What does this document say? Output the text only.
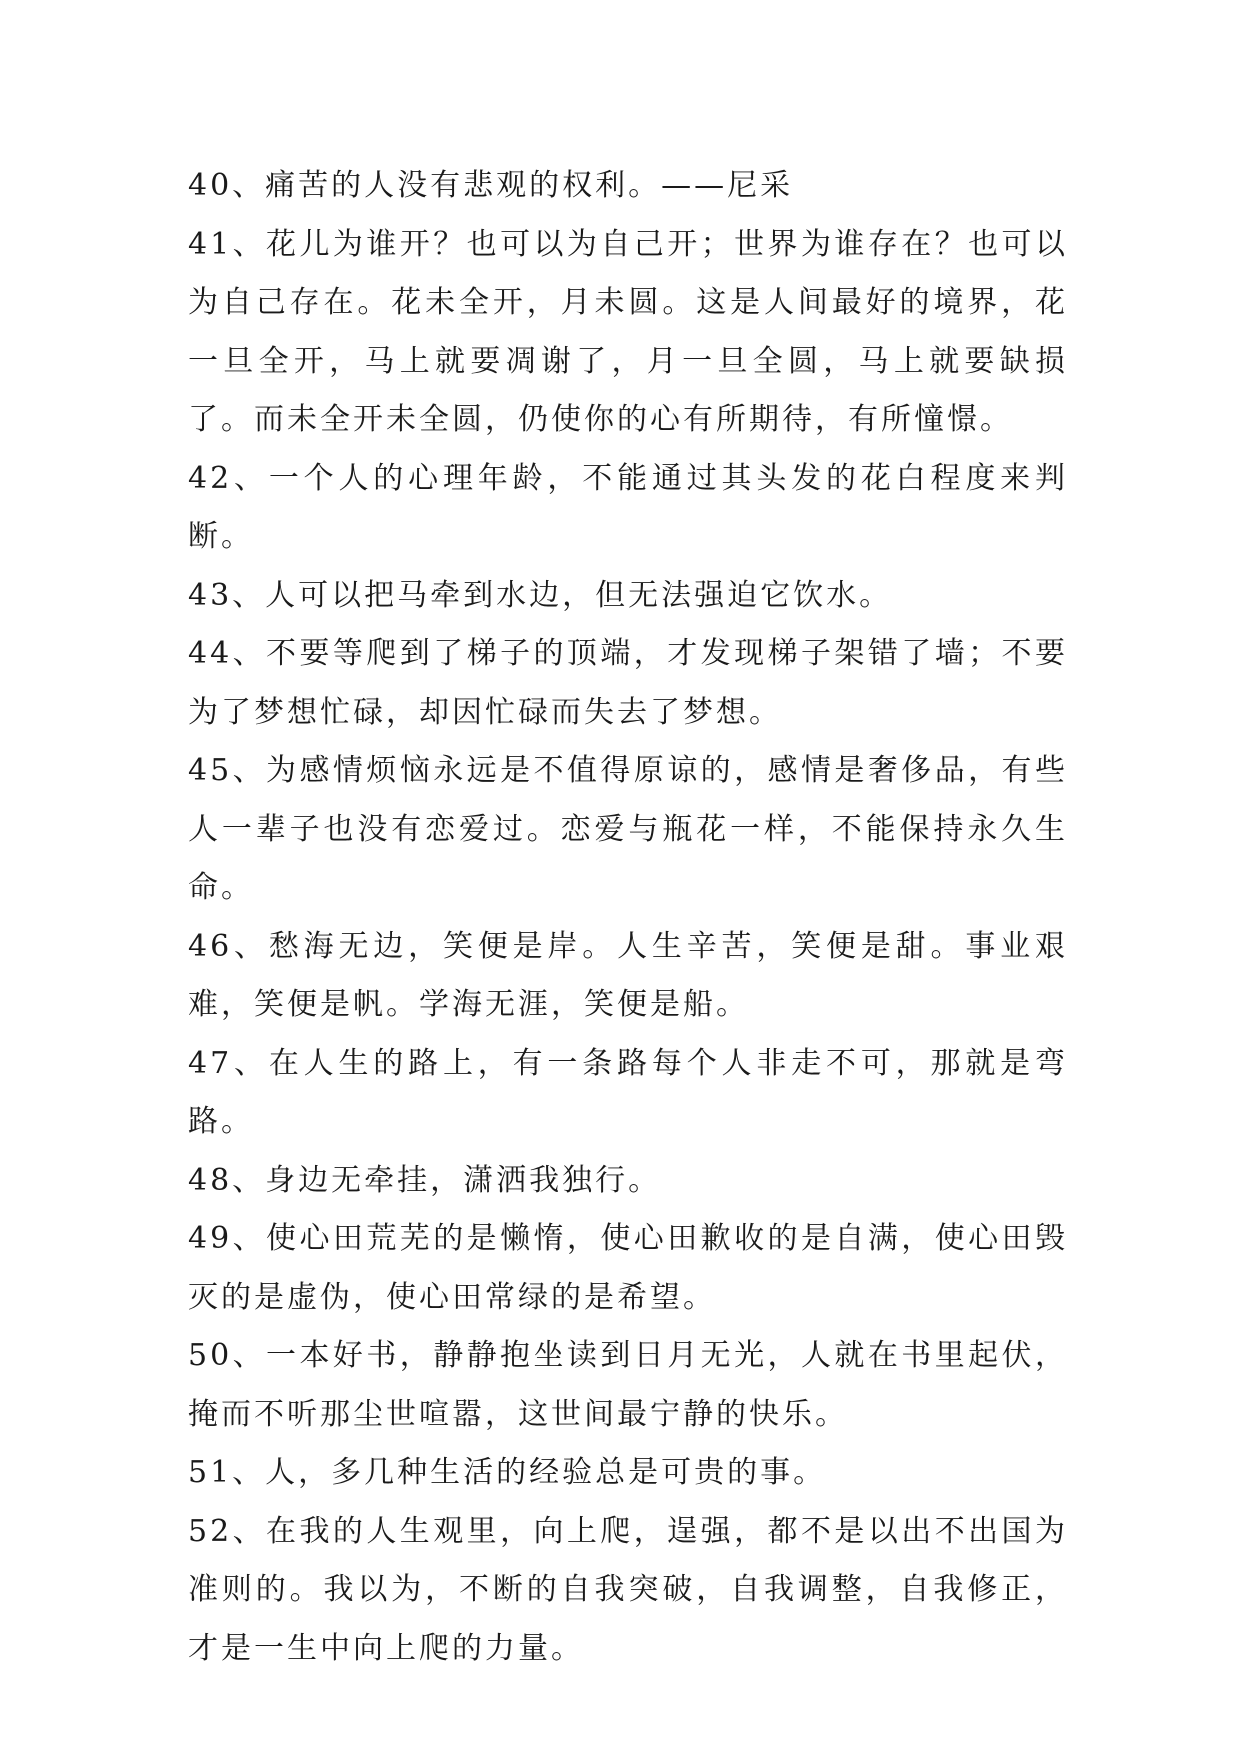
40、痛苦的人没有悲观的权利。——尼采

41、花儿为谁开？也可以为自己开；世界为谁存在？也可以为自己存在。花未全开，月未圆。这是人间最好的境界，花一旦全开，马上就要凋谢了，月一旦全圆，马上就要缺损了。而未全开未全圆，仍使你的心有所期待，有所憧憬。

42、一个人的心理年龄，不能通过其头发的花白程度来判断。

43、人可以把马牵到水边，但无法强迫它饮水。

44、不要等爬到了梯子的顶端，才发现梯子架错了墙；不要为了梦想忙碌，却因忙碌而失去了梦想。

45、为感情烦恼永远是不值得原谅的，感情是奢侈品，有些人一辈子也没有恋爱过。恋爱与瓶花一样，不能保持永久生命。

46、愁海无边，笑便是岸。人生辛苦，笑便是甜。事业艰难，笑便是帆。学海无涯，笑便是船。

47、在人生的路上，有一条路每个人非走不可，那就是弯路。

48、身边无牵挂，潇洒我独行。

49、使心田荒芜的是懒惰，使心田歉收的是自满，使心田毁灭的是虚伪，使心田常绿的是希望。

50、一本好书，静静抱坐读到日月无光，人就在书里起伏，掩而不听那尘世喧嚣，这世间最宁静的快乐。

51、人，多几种生活的经验总是可贵的事。

52、在我的人生观里，向上爬，逞强，都不是以出不出国为准则的。我以为，不断的自我突破，自我调整，自我修正，才是一生中向上爬的力量。
